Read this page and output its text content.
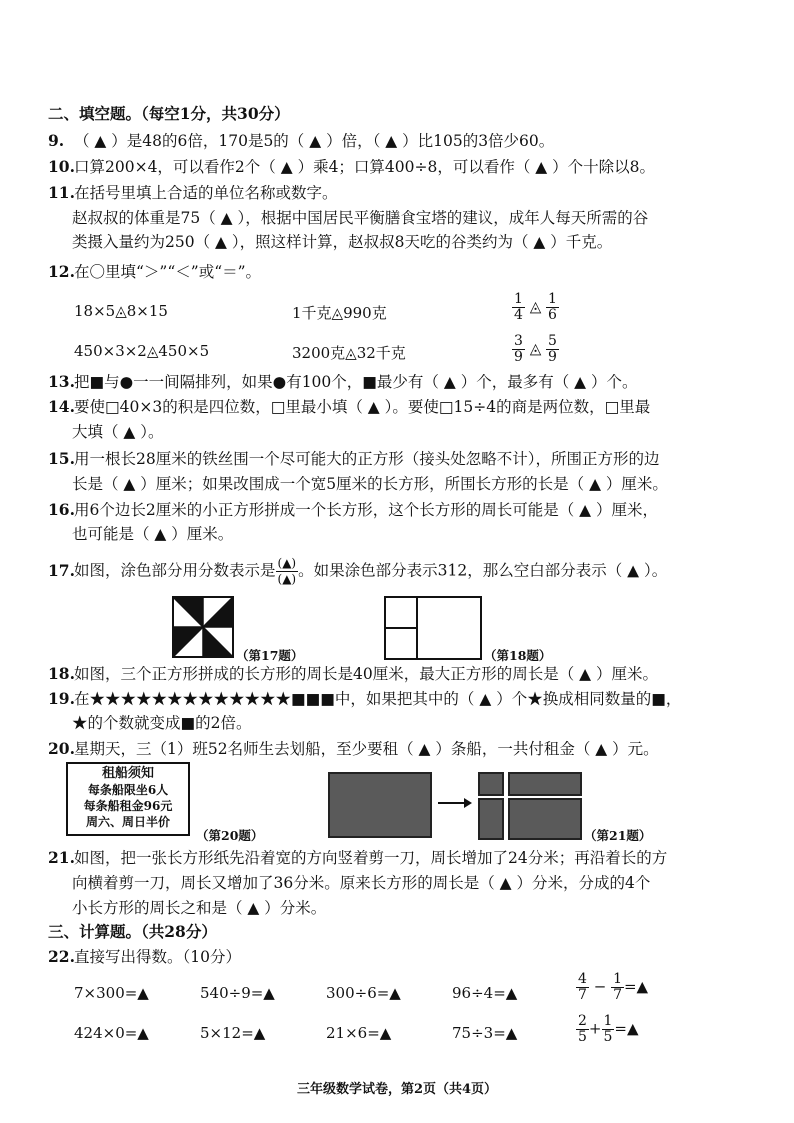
二、填空题。（每空1分，共30分）
9. （ ▲ ）是48的6倍，170是5的（ ▲ ）倍，（ ▲ ）比105的3倍少60。
10.口算200×4，可以看作2个（ ▲ ）乘4；口算400÷8，可以看作（ ▲ ）个十除以8。
11.在括号里填上合适的单位名称或数字。
赵叔叔的体重是75（ ▲ ），根据中国居民平衡膳食宝塔的建议，成年人每天所需的谷
类摄入量约为250（ ▲ ），照这样计算，赵叔叔8天吃的谷类约为（ ▲ ）千克。
12.在〇里填“＞”“＜”或“＝”。
18×5◬8×15	1千克◬990克	$\frac{1}{4}$ ◬ $\frac{1}{6}$
450×3×2◬450×5	3200克◬32千克	$\frac{3}{9}$ ◬ $\frac{5}{9}$
13.把■与●一一间隔排列，如果●有100个，■最少有（ ▲ ）个，最多有（ ▲ ）个。
14.要使□40×3的积是四位数，□里最小填（ ▲ ）。要使□15÷4的商是两位数，□里最
大填（ ▲ ）。
15.用一根长28厘米的铁丝围一个尽可能大的正方形（接头处忽略不计），所围正方形的边
长是（ ▲ ）厘米；如果改围成一个宽5厘米的长方形，所围长方形的长是（ ▲ ）厘米。
16.用6个边长2厘米的小正方形拼成一个长方形，这个长方形的周长可能是（ ▲ ）厘米，
也可能是（ ▲ ）厘米。
17.如图，涂色部分用分数表示是 $\frac{(▲)}{(▲)}$ 。如果涂色部分表示312，那么空白部分表示（ ▲ ）。
（第17题）	（第18题）
18.如图，三个正方形拼成的长方形的周长是40厘米，最大正方形的周长是（ ▲ ）厘米。
19.在★★★★★★★★★★★★★■■■中，如果把其中的（ ▲ ）个★换成相同数量的■，
★的个数就变成■的2倍。
20.星期天，三（1）班52名师生去划船，至少要租（ ▲ ）条船，一共付租金（ ▲ ）元。
租船须知
每条船限坐6人
每条船租金96元
周六、周日半价
（第20题）	（第21题）
21.如图，把一张长方形纸先沿着宽的方向竖着剪一刀，周长增加了24分米；再沿着长的方
向横着剪一刀，周长又增加了36分米。原来长方形的周长是（ ▲ ）分米，分成的4个
小长方形的周长之和是（ ▲ ）分米。
三、计算题。（共28分）
22.直接写出得数。（10分）
7×300=▲	540÷9=▲	300÷6=▲	96÷4=▲	$\frac{4}{7} - \frac{1}{7}$ =▲
424×0=▲	5×12=▲	21×6=▲	75÷3=▲	$\frac{2}{5} + \frac{1}{5}$ =▲
三年级数学试卷，第2页（共4页）
